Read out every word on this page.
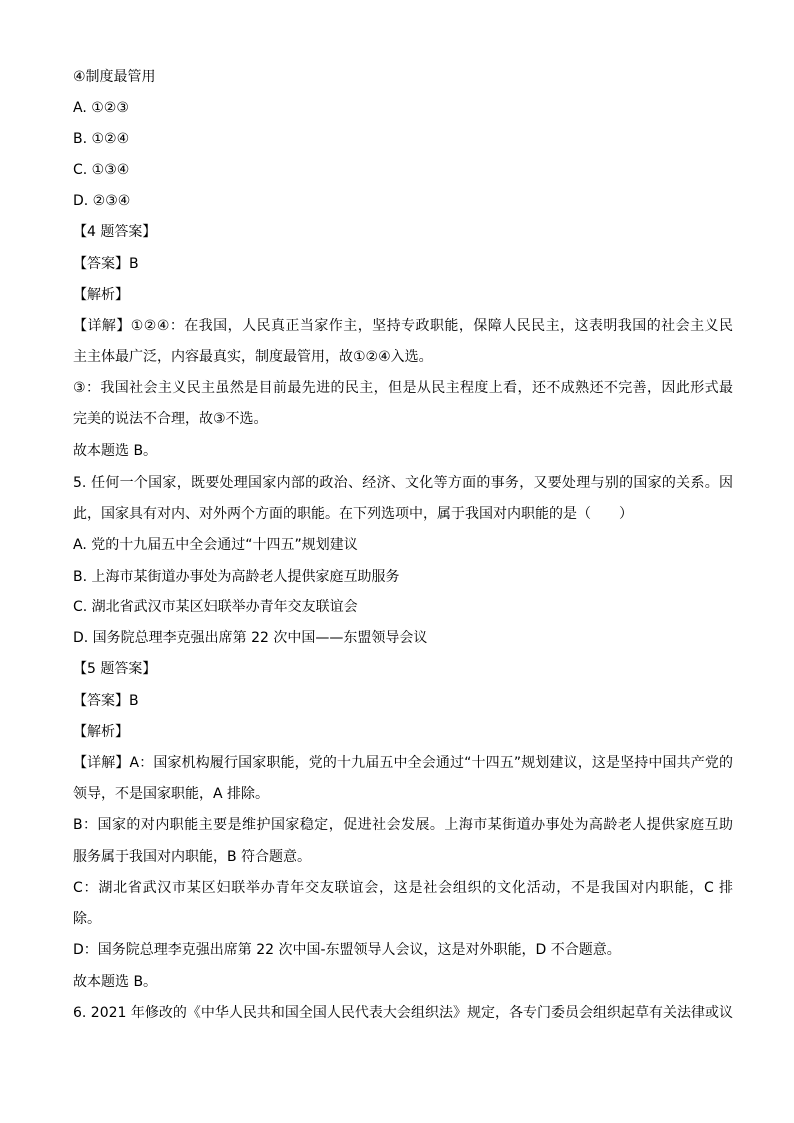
④制度最管用
A. ①②③
B. ①②④
C. ①③④
D. ②③④
【4 题答案】
【答案】B
【解析】
【详解】①②④：在我国，人民真正当家作主，坚持专政职能，保障人民民主，这表明我国的社会主义民
主主体最广泛，内容最真实，制度最管用，故①②④入选。
③：我国社会主义民主虽然是目前最先进的民主，但是从民主程度上看，还不成熟还不完善，因此形式最
完美的说法不合理，故③不选。
故本题选 B。
5. 任何一个国家，既要处理国家内部的政治、经济、文化等方面的事务，又要处理与别的国家的关系。因
此，国家具有对内、对外两个方面的职能。在下列选项中，属于我国对内职能的是（　　）
A. 党的十九届五中全会通过“十四五”规划建议
B. 上海市某街道办事处为高龄老人提供家庭互助服务
C. 湖北省武汉市某区妇联举办青年交友联谊会
D. 国务院总理李克强出席第 22 次中国——东盟领导会议
【5 题答案】
【答案】B
【解析】
【详解】A：国家机构履行国家职能，党的十九届五中全会通过“十四五”规划建议，这是坚持中国共产党的
领导，不是国家职能，A 排除。
B：国家的对内职能主要是维护国家稳定，促进社会发展。上海市某街道办事处为高龄老人提供家庭互助
服务属于我国对内职能，B 符合题意。
C：湖北省武汉市某区妇联举办青年交友联谊会，这是社会组织的文化活动，不是我国对内职能，C 排
除。
D：国务院总理李克强出席第 22 次中国-东盟领导人会议，这是对外职能，D 不合题意。
故本题选 B。
6. 2021 年修改的《中华人民共和国全国人民代表大会组织法》规定，各专门委员会组织起草有关法律或议
